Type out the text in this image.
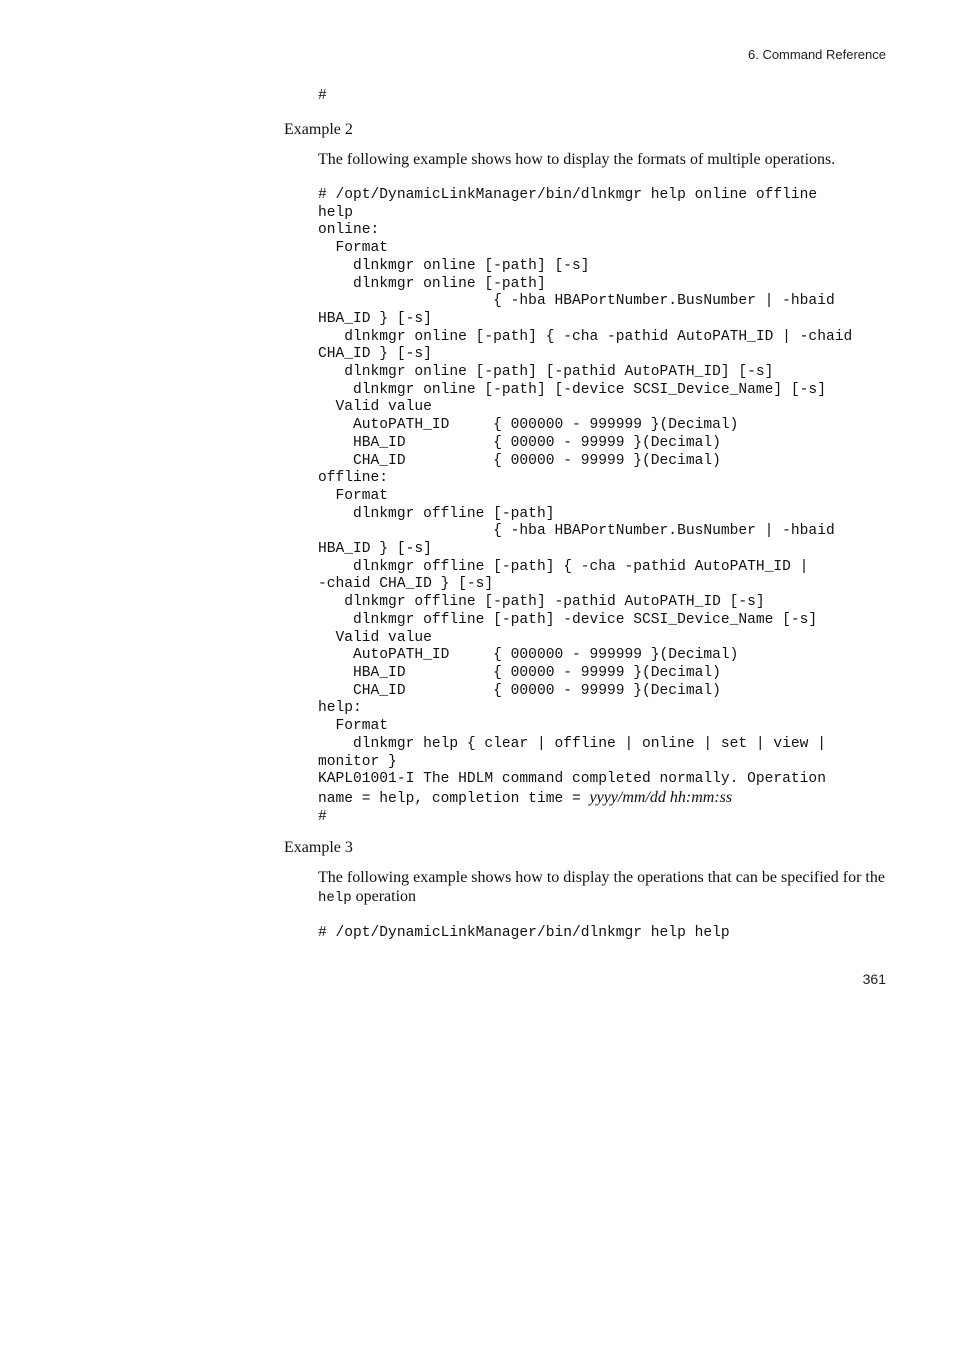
6. Command Reference
#
Example 2

The following example shows how to display the formats of multiple operations.

# /opt/DynamicLinkManager/bin/dlnkmgr help online offline
help
online:
Format
dlnkmgr online [-path] [-s]
dlnkmgr online [-path]
{ -hba HBAPortNumber.BusNumber | -hbaid
HBA_ID } [-s]
dlnkmgr online [-path] { -cha -pathid AutoPATH_ID | -chaid
CHA_ID } [-s]
dlnkmgr online [-path] [-pathid AutoPATH_ID] [-s]
dlnkmgr online [-path] [-device SCSI_Device_Name] [-s]
Valid value
AutoPATH_ID     { 000000 - 999999 }(Decimal)
HBA_ID          { 00000 - 99999 }(Decimal)
CHA_ID          { 00000 - 99999 }(Decimal)
offline:
Format
dlnkmgr offline [-path]
{ -hba HBAPortNumber.BusNumber | -hbaid
HBA_ID } [-s]
dlnkmgr offline [-path] { -cha -pathid AutoPATH_ID |
-chaid CHA_ID } [-s]
dlnkmgr offline [-path] -pathid AutoPATH_ID [-s]
dlnkmgr offline [-path] -device SCSI_Device_Name [-s]
Valid value
AutoPATH_ID     { 000000 - 999999 }(Decimal)
HBA_ID          { 00000 - 99999 }(Decimal)
CHA_ID          { 00000 - 99999 }(Decimal)
help:
Format
dlnkmgr help { clear | offline | online | set | view |
monitor }
KAPL01001-I The HDLM command completed normally. Operation
name = help, completion time = yyyy/mm/dd hh:mm:ss
#
Example 3

The following example shows how to display the operations that can be specified for the help operation

# /opt/DynamicLinkManager/bin/dlnkmgr help help
361
